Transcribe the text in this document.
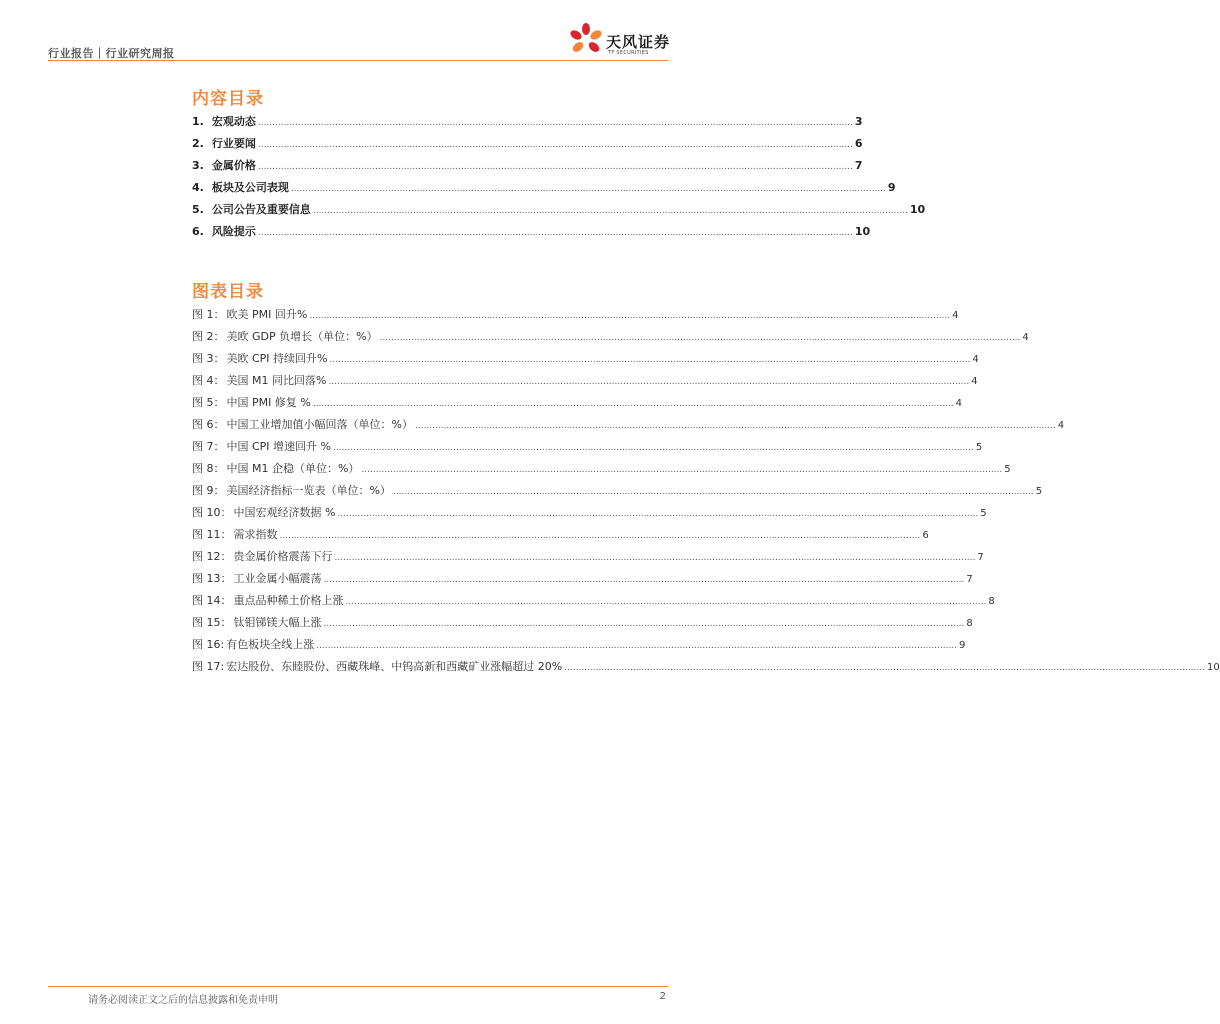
行业报告｜行业研究周报
天风证券
TF SECURITIES
内容目录
1. 宏观动态 ................................................................................................................................................................................................................ 3
2. 行业要闻 ................................................................................................................................................................................................................ 6
3. 金属价格 ................................................................................................................................................................................................................ 7
4. 板块及公司表现 ................................................................................................................................................................................................................ 9
5. 公司公告及重要信息 ................................................................................................................................................................................................................ 10
6. 风险提示 ................................................................................................................................................................................................................ 10
图表目录
图 1： 欧美 PMI 回升% ................................................................................................................................................................................................................................ 4
图 2： 美欧 GDP 负增长（单位：%） ................................................................................................................................................................................................................................ 4
图 3： 美欧 CPI 持续回升% ................................................................................................................................................................................................................................ 4
图 4： 美国 M1 同比回落% ................................................................................................................................................................................................................................ 4
图 5： 中国 PMI 修复 % ................................................................................................................................................................................................................................ 4
图 6： 中国工业增加值小幅回落（单位：%） ................................................................................................................................................................................................................................ 4
图 7： 中国 CPI 增速回升 % ................................................................................................................................................................................................................................ 5
图 8： 中国 M1 企稳（单位：%） ................................................................................................................................................................................................................................ 5
图 9： 美国经济指标一览表（单位：%） ................................................................................................................................................................................................................................ 5
图 10： 中国宏观经济数据 % ................................................................................................................................................................................................................................ 5
图 11： 需求指数 ................................................................................................................................................................................................................................ 6
图 12： 贵金属价格震荡下行 ................................................................................................................................................................................................................................ 7
图 13： 工业金属小幅震荡 ................................................................................................................................................................................................................................ 7
图 14： 重点品种稀土价格上涨 ................................................................................................................................................................................................................................ 8
图 15： 钛钼锑镁大幅上涨 ................................................................................................................................................................................................................................ 8
图 16: 有色板块全线上涨 ................................................................................................................................................................................................................................ 9
图 17: 宏达股份、东睦股份、西藏珠峰、中钨高新和西藏矿业涨幅超过 20% ................................................................................................................................................................................................................................ 10
请务必阅读正文之后的信息披露和免责申明	2
